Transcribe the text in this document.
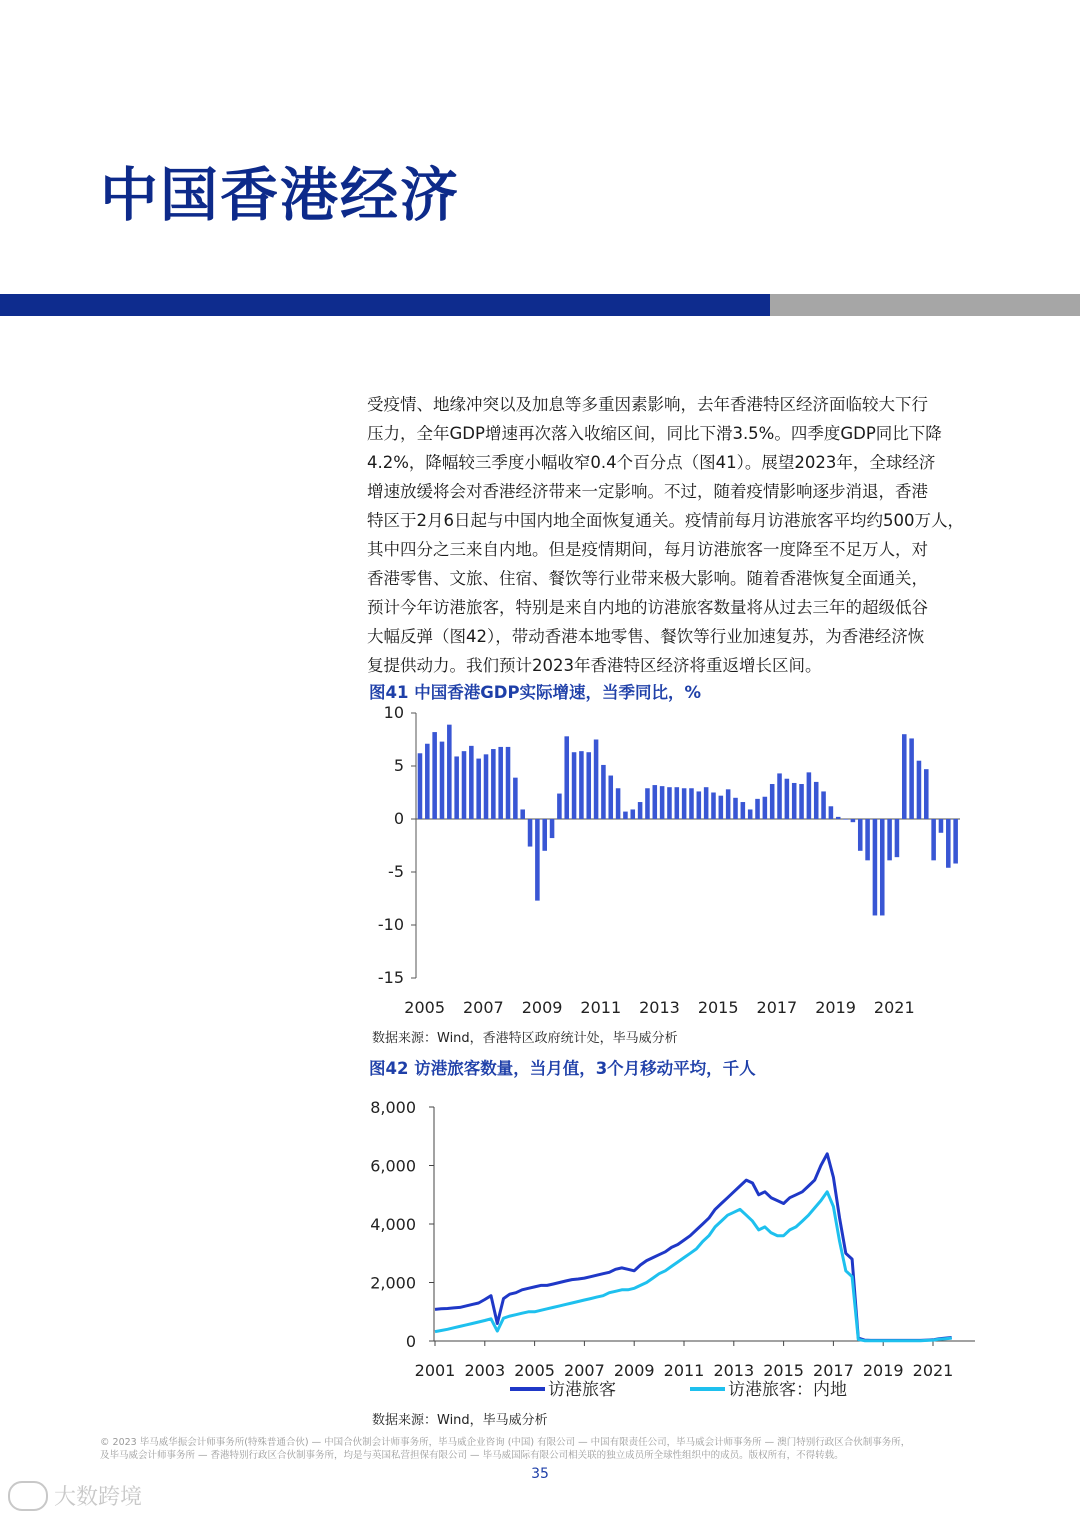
中国香港经济
受疫情、地缘冲突以及加息等多重因素影响，去年香港特区经济面临较大下行
压力，全年GDP增速再次落入收缩区间，同比下滑3.5%。四季度GDP同比下降
4.2%，降幅较三季度小幅收窄0.4个百分点（图41）。展望2023年，全球经济
增速放缓将会对香港经济带来一定影响。不过，随着疫情影响逐步消退，香港
特区于2月6日起与中国内地全面恢复通关。疫情前每月访港旅客平均约500万人，
其中四分之三来自内地。但是疫情期间，每月访港旅客一度降至不足万人，对
香港零售、文旅、住宿、餐饮等行业带来极大影响。随着香港恢复全面通关，
预计今年访港旅客，特别是来自内地的访港旅客数量将从过去三年的超级低谷
大幅反弹（图42），带动香港本地零售、餐饮等行业加速复苏，为香港经济恢
复提供动力。我们预计2023年香港特区经济将重返增长区间。
图41 中国香港GDP实际增速，当季同比，%
10
5
0
-5
-10
-15
2005 2007 2009 2011 2013 2015 2017 2019 2021
数据来源：Wind，香港特区政府统计处，毕马威分析
图42 访港旅客数量，当月值，3个月移动平均，千人
8,000
6,000
4,000
2,000
0
2001 2003 2005 2007 2009 2011 2013 2015 2017 2019 2021
访港旅客	访港旅客：内地
数据来源：Wind，毕马威分析
© 2023 毕马威华振会计师事务所(特殊普通合伙) — 中国合伙制会计师事务所，毕马威企业咨询 (中国) 有限公司 — 中国有限责任公司，毕马威会计师事务所 — 澳门特别行政区合伙制事务所，
及毕马威会计师事务所 — 香港特别行政区合伙制事务所，均是与英国私营担保有限公司 — 毕马威国际有限公司相关联的独立成员所全球性组织中的成员。版权所有，不得转载。
35
大数跨境
